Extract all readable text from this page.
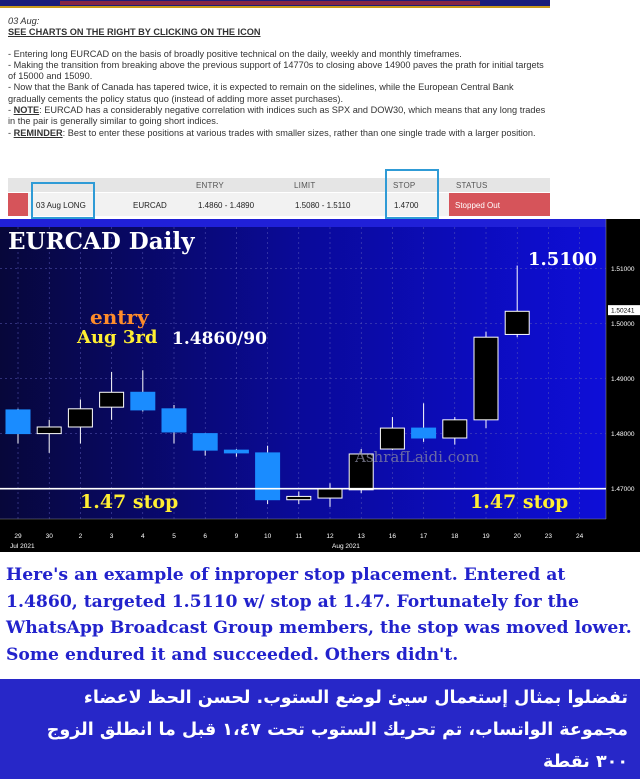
03 Aug:
SEE CHARTS ON THE RIGHT BY CLICKING ON THE ICON

- Entering long EURCAD on the basis of broadly positive technical on the daily, weekly and monthly timeframes.

- Making the transition from breaking above the previous support of 14770s to closing above 14900 paves the prath for initial targets of 15000 and 15090.

- Now that the Bank of Canada has tapered twice, it is expected to remain on the sidelines, while the European Central Bank gradually cements the policy status quo (instead of adding more asset purchases).

- NOTE: EURCAD has a considerably negative correlation with indices such as SPX and DOW30, which means that any long trades in the pair is generally similar to going short indices.

- REMINDER: Best to enter these positions at various trades with smaller sizes, rather than one single trade with a larger position.

ENTRY	LIMIT	STOP	STATUS
03 Aug LONG	EURCAD	1.4860 - 1.4890	1.5080 - 1.5110	1.4700	Stopped Out
1.51000
1.50000
1.49000
1.48000
1.47000
29	30	2	3	4	5	6	9	10	11	12	13	16	17	18	19	20	23	24
Jul 2021	Aug 2021
1.50241
EURCAD Daily
AshrafLaidi.com
entry
Aug 3rd 1.4860/90
1.5100
1.47 stop	1.47 stop
Here's an example of inproper stop placement. Entered at 1.4860, targeted 1.5110 w/ stop at 1.47. Fortunately for the WhatsApp Broadcast Group members, the stop was moved lower. Some endured it and succeeded. Others didn't.
تفضلوا بمثال إستعمال سيئ لوضع الستوب. لحسن الحظ لاعضاء مجموعة الواتساب، تم تحريك الستوب تحت ١،٤٧ قبل ما انطلق الزوج ٣٠٠ نقطة
